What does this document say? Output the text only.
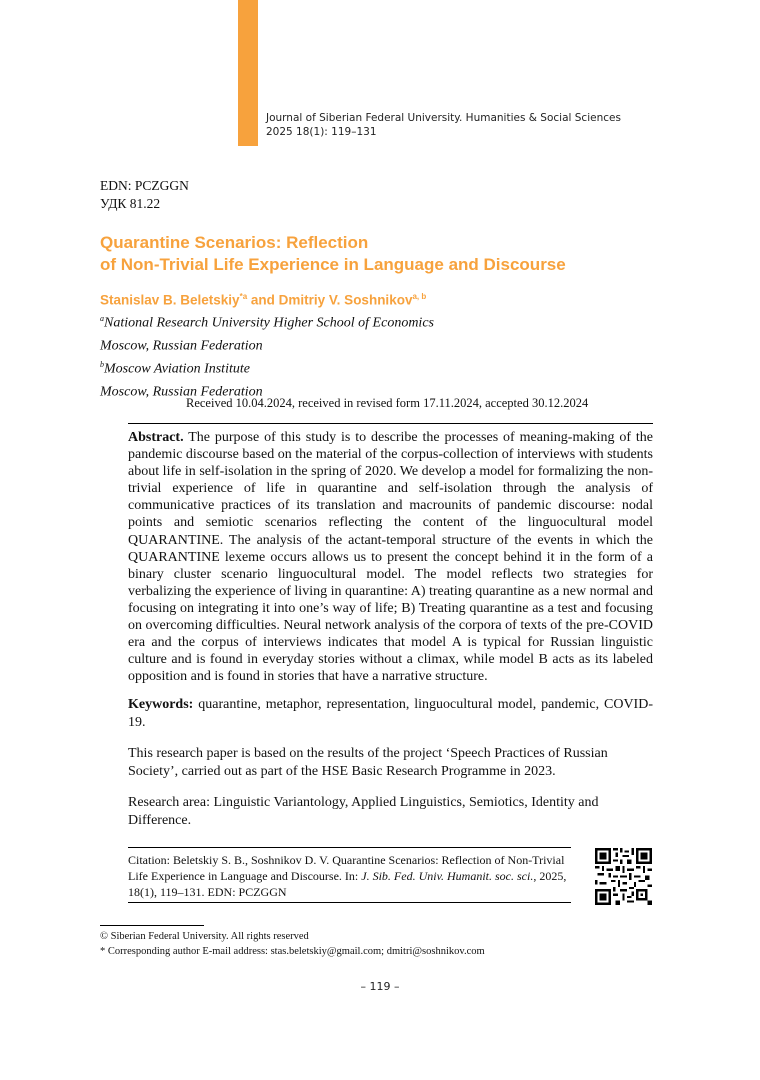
Journal of Siberian Federal University. Humanities & Social Sciences
2025 18(1): 119–131
EDN: PCZGGN
УДК 81.22
Quarantine Scenarios: Reflection
of Non-Trivial Life Experience in Language and Discourse
Stanislav B. Beletskiy$^{*a}$ and Dmitriy V. Soshnikov$^{a, b}$
$^a$National Research University Higher School of Economics
Moscow, Russian Federation
$^b$Moscow Aviation Institute
Moscow, Russian Federation
Received 10.04.2024, received in revised form 17.11.2024, accepted 30.12.2024
Abstract. The purpose of this study is to describe the processes of meaning-making of the pandemic discourse based on the material of the corpus-collection of interviews with students about life in self-isolation in the spring of 2020. We develop a model for formalizing the non-trivial experience of life in quarantine and self-isolation through the analysis of communicative practices of its translation and macrounits of pandemic discourse: nodal points and semiotic scenarios reflecting the content of the linguocultural model QUARANTINE. The analysis of the actant-temporal structure of the events in which the QUARANTINE lexeme occurs allows us to present the concept behind it in the form of a binary cluster scenario linguocultural model. The model reflects two strategies for verbalizing the experience of living in quarantine: A) treating quarantine as a new normal and focusing on integrating it into one’s way of life; B) Treating quarantine as a test and focusing on overcoming difficulties. Neural network analysis of the corpora of texts of the pre-COVID era and the corpus of interviews indicates that model A is typical for Russian linguistic culture and is found in everyday stories without a climax, while model B acts as its labeled opposition and is found in stories that have a narrative structure.
Keywords: quarantine, metaphor, representation, linguocultural model, pandemic, COVID-19.
This research paper is based on the results of the project ‘Speech Practices of Russian Society’, carried out as part of the HSE Basic Research Programme in 2023.
Research area: Linguistic Variantology, Applied Linguistics, Semiotics, Identity and Difference.
Citation: Beletskiy S. B., Soshnikov D. V. Quarantine Scenarios: Reflection of Non-Trivial Life Experience in Language and Discourse. In: J. Sib. Fed. Univ. Humanit. soc. sci., 2025, 18(1), 119–131. EDN: PCZGGN
© Siberian Federal University. All rights reserved
* Corresponding author E-mail address: stas.beletskiy@gmail.com; dmitri@soshnikov.com
– 119 –
